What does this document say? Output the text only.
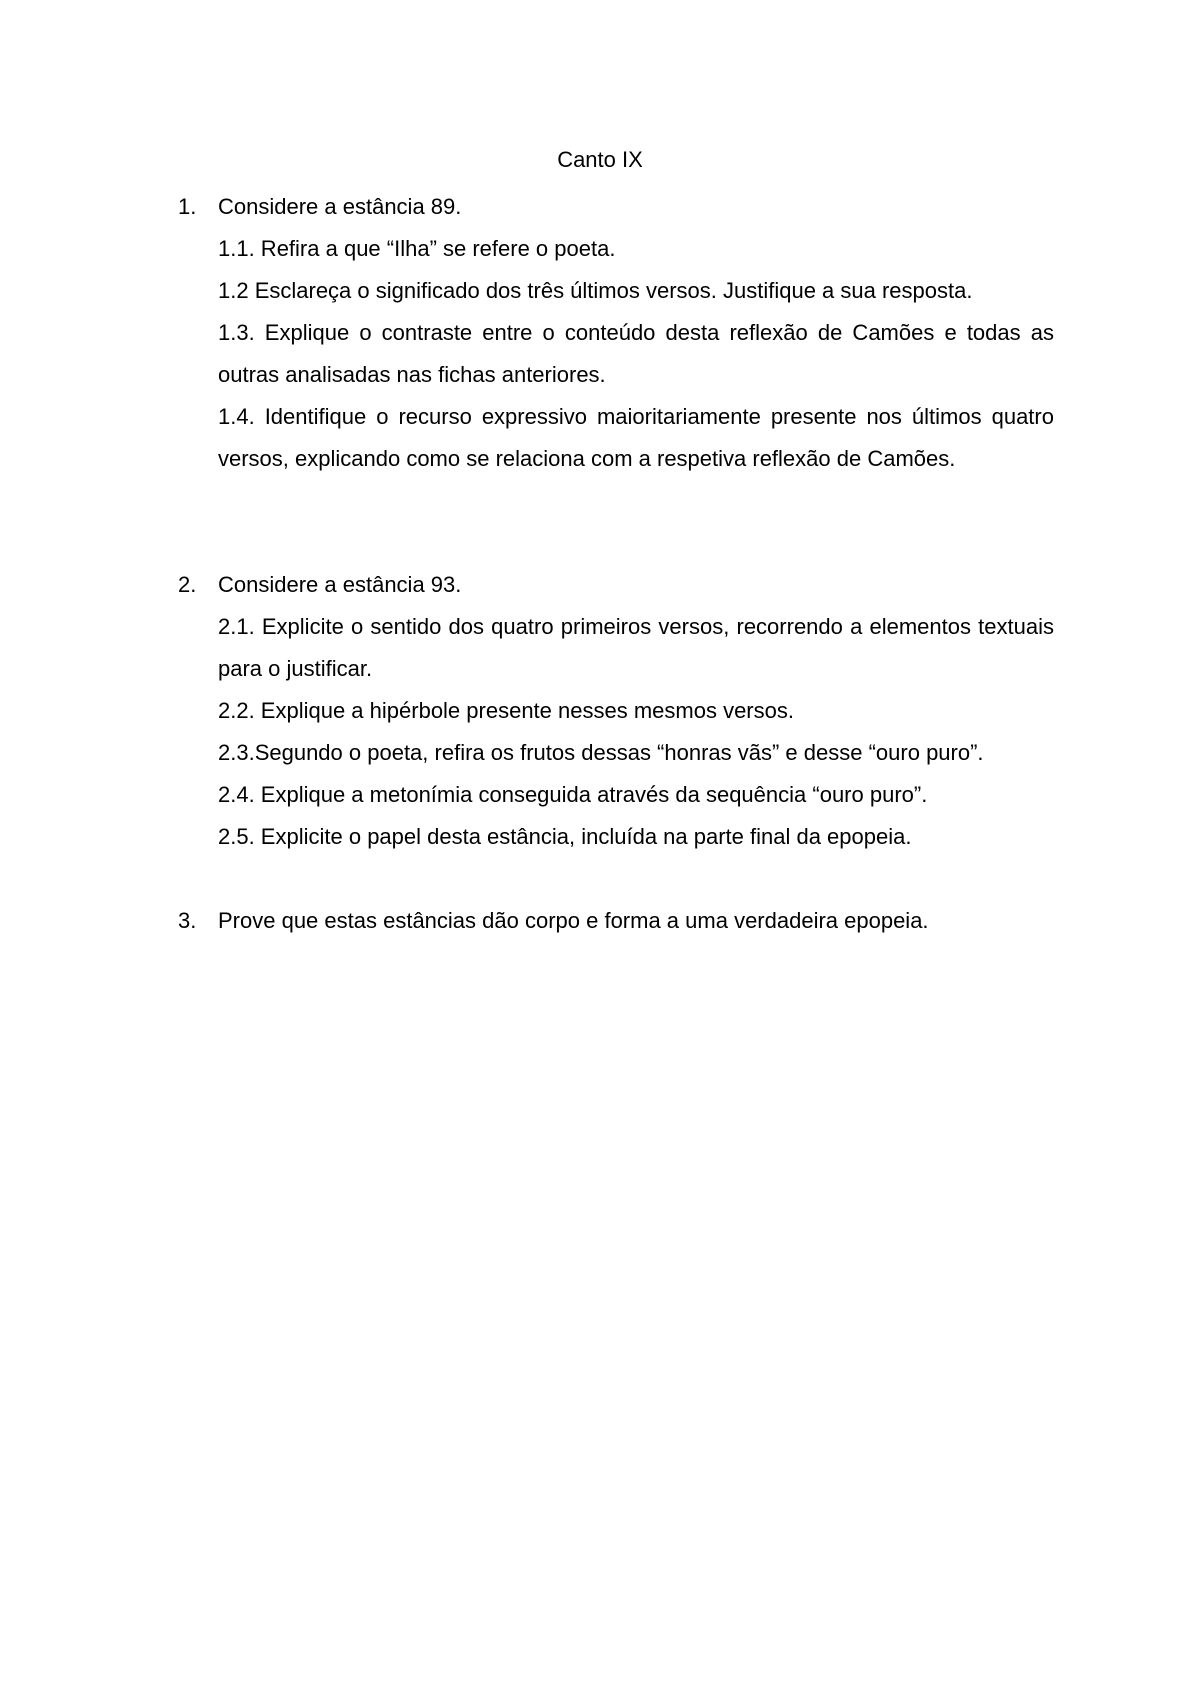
Canto IX
1. Considere a estância 89.
1.1. Refira a que “Ilha” se refere o poeta.
1.2 Esclareça o significado dos três últimos versos. Justifique a sua resposta.
1.3. Explique o contraste entre o conteúdo desta reflexão de Camões e todas as outras analisadas nas fichas anteriores.
1.4. Identifique o recurso expressivo maioritariamente presente nos últimos quatro versos, explicando como se relaciona com a respetiva reflexão de Camões.
2. Considere a estância 93.
2.1. Explicite o sentido dos quatro primeiros versos, recorrendo a elementos textuais para o justificar.
2.2. Explique a hipérbole presente nesses mesmos versos.
2.3.Segundo o poeta, refira os frutos dessas “honras vãs” e desse “ouro puro”.
2.4. Explique a metonímia conseguida através da sequência “ouro puro”.
2.5. Explicite o papel desta estância, incluída na parte final da epopeia.
3. Prove que estas estâncias dão corpo e forma a uma verdadeira epopeia.
